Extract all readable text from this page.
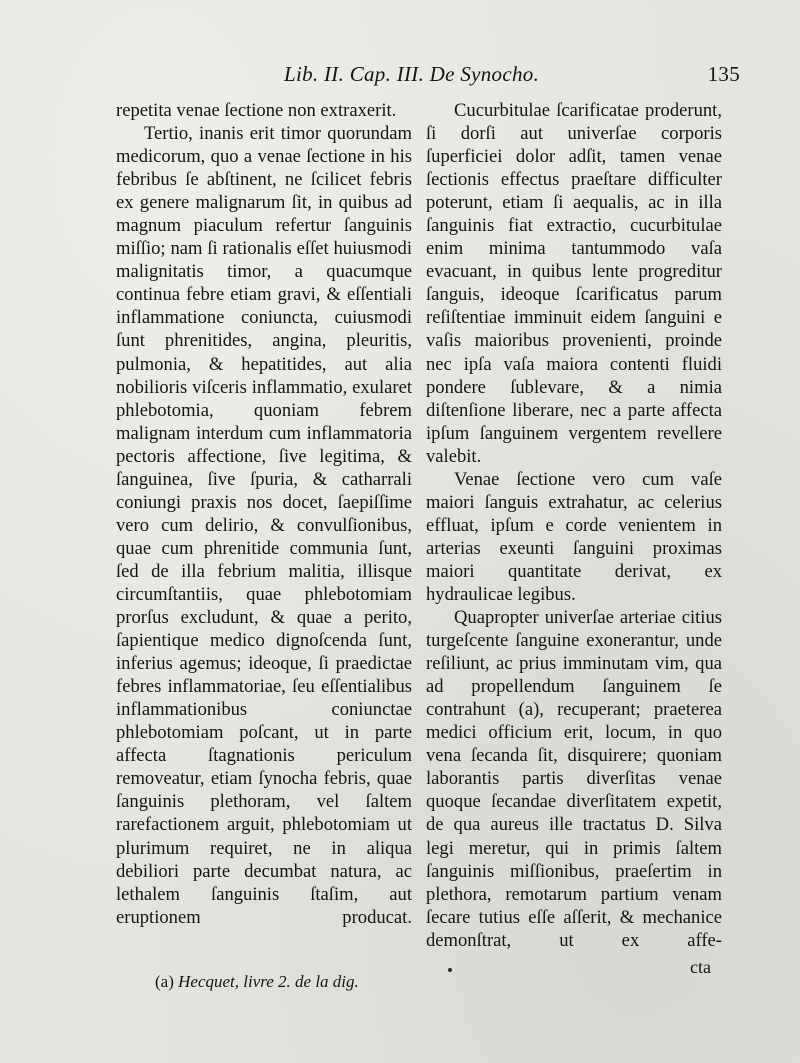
Lib. II. Cap. III. De Synocho.	135

repetita venae ſectione non extraxerit.

Tertio, inanis erit timor quorundam medicorum, quo a venae ſectione in his febribus ſe abſtinent, ne ſcilicet febris ex genere malignarum ſit, in quibus ad magnum piaculum refertur ſanguinis miſſio; nam ſi rationalis eſſet huiusmodi malignitatis timor, a quacumque continua febre etiam gravi, & eſſentiali inflammatione coniuncta, cuiusmodi ſunt phrenitides, angina, pleuritis, pulmonia, & hepatitides, aut alia nobilioris viſceris inflammatio, exularet phlebotomia, quoniam febrem malignam interdum cum inflammatoria pectoris affectione, ſive legitima, & ſanguinea, ſive ſpuria, & catharrali coniungi praxis nos docet, ſaepiſſime vero cum delirio, & convulſionibus, quae cum phrenitide communia ſunt, ſed de illa febrium malitia, illisque circumſtantiis, quae phlebotomiam prorſus excludunt, & quae a perito, ſapientique medico dignoſcenda ſunt, inferius agemus; ideoque, ſi praedictae febres inflammatoriae, ſeu eſſentialibus inflammationibus coniunctae phlebotomiam poſcant, ut in parte affecta ſtagnationis periculum removeatur, etiam ſynocha febris, quae ſanguinis plethoram, vel ſaltem rarefactionem arguit, phlebotomiam ut plurimum requiret, ne in aliqua debiliori parte decumbat natura, ac lethalem ſanguinis ſtaſim, aut eruptionem producat.

Cucurbitulae ſcarificatae proderunt, ſi dorſi aut univerſae corporis ſuperficiei dolor adſit, tamen venae ſectionis effectus praeſtare difficulter poterunt, etiam ſi aequalis, ac in illa ſanguinis fiat extractio, cucurbitulae enim minima tantummodo vaſa evacuant, in quibus lente progreditur ſanguis, ideoque ſcarificatus parum reſiſtentiae imminuit eidem ſanguini e vaſis maioribus provenienti, proinde nec ipſa vaſa maiora contenti fluidi pondere ſublevare, & a nimia diſtenſione liberare, nec a parte affecta ipſum ſanguinem vergentem revellere valebit.

Venae ſectione vero cum vaſe maiori ſanguis extrahatur, ac celerius effluat, ipſum e corde venientem in arterias exeunti ſanguini proximas maiori quantitate derivat, ex hydraulicae legibus.

Quapropter univerſae arteriae citius turgeſcente ſanguine exonerantur, unde reſiliunt, ac prius imminutam vim, qua ad propellendum ſanguinem ſe contrahunt (a), recuperant; praeterea medici officium erit, locum, in quo vena ſecanda ſit, disquirere; quoniam laborantis partis diverſitas venae quoque ſecandae diverſitatem expetit, de qua aureus ille tractatus D. Silva legi meretur, qui in primis ſaltem ſanguinis miſſionibus, praeſertim in plethora, remotarum partium venam ſecare tutius eſſe aſſerit, & mechanice demonſtrat, ut ex affe-

cta
(a) Hecquet, livre 2. de la dig.
